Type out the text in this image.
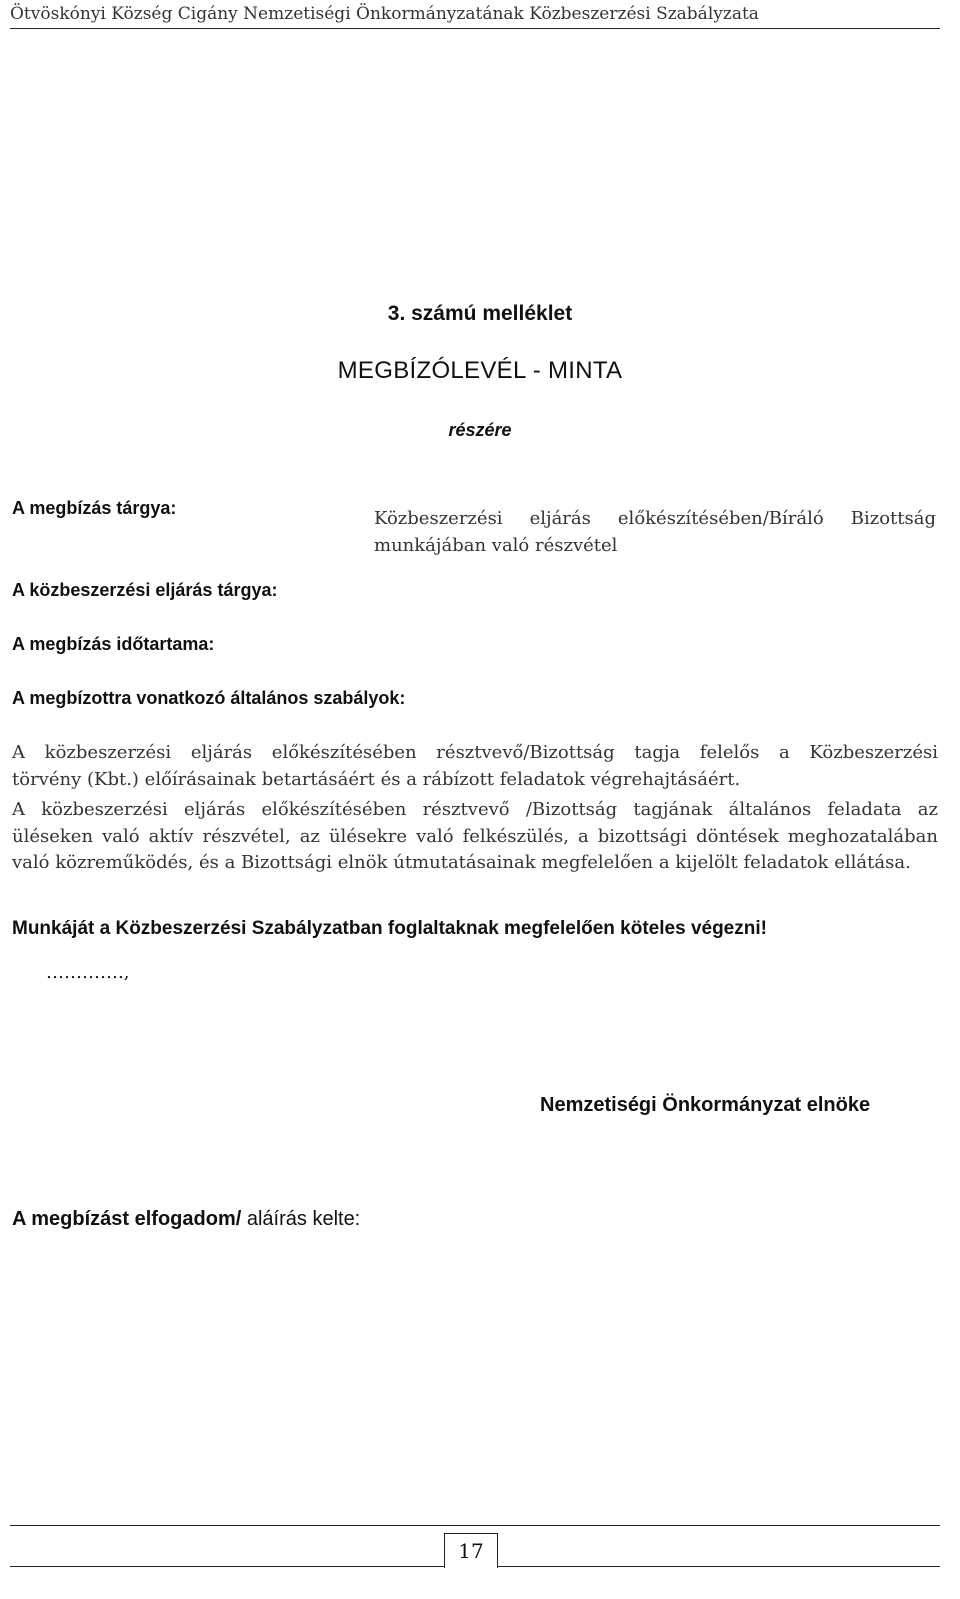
Ötvöskónyi Község Cigány Nemzetiségi Önkormányzatának Közbeszerzési Szabályzata
3. számú melléklet
MEGBÍZÓLEVÉL - MINTA
részére
A megbízás tárgya:	Közbeszerzési eljárás előkészítésében/Bíráló Bizottság munkájában való részvétel
A közbeszerzési eljárás tárgya:
A megbízás időtartama:
A megbízottra vonatkozó általános szabályok:
A közbeszerzési eljárás előkészítésében résztvevő/Bizottság tagja felelős a Közbeszerzési
törvény (Kbt.) előírásainak betartásáért és a rábízott feladatok végrehajtásáért.
A közbeszerzési eljárás előkészítésében résztvevő /Bizottság tagjának általános feladata az
üléseken való aktív részvétel, az ülésekre való felkészülés, a bizottsági döntések meghozatalában
való közreműködés, és a Bizottsági elnök útmutatásainak megfelelően a kijelölt feladatok ellátása.
Munkáját a Közbeszerzési Szabályzatban foglaltaknak megfelelően köteles végezni!
………….,
Nemzetiségi Önkormányzat elnöke
A megbízást elfogadom/ aláírás kelte:
17
